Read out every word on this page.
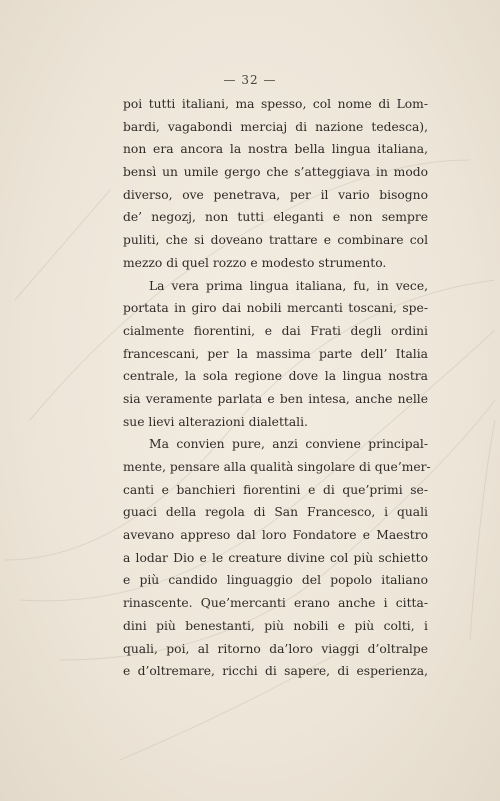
— 32 —
poi tutti italiani, ma spesso, col nome di Lom-
bardi, vagabondi merciaj di nazione tedesca),
non era ancora la nostra bella lingua italiana,
bensì un umile gergo che s’atteggiava in modo
diverso, ove penetrava, per il vario bisogno
de’ negozj, non tutti eleganti e non sempre
puliti, che si doveano trattare e combinare col
mezzo di quel rozzo e modesto strumento.
La vera prima lingua italiana, fu, in vece,
portata in giro dai nobili mercanti toscani, spe-
cialmente fiorentini, e dai Frati degli ordini
francescani, per la massima parte dell’ Italia
centrale, la sola regione dove la lingua nostra
sia veramente parlata e ben intesa, anche nelle
sue lievi alterazioni dialettali.
Ma convien pure, anzi conviene principal-
mente, pensare alla qualità singolare di que’mer-
canti e banchieri fiorentini e di que’primi se-
guaci della regola di San Francesco, i quali
avevano appreso dal loro Fondatore e Maestro
a lodar Dio e le creature divine col più schietto
e più candido linguaggio del popolo italiano
rinascente. Que’mercanti erano anche i citta-
dini più benestanti, più nobili e più colti, i
quali, poi, al ritorno da’loro viaggi d’oltralpe
e d’oltremare, ricchi di sapere, di esperienza,
